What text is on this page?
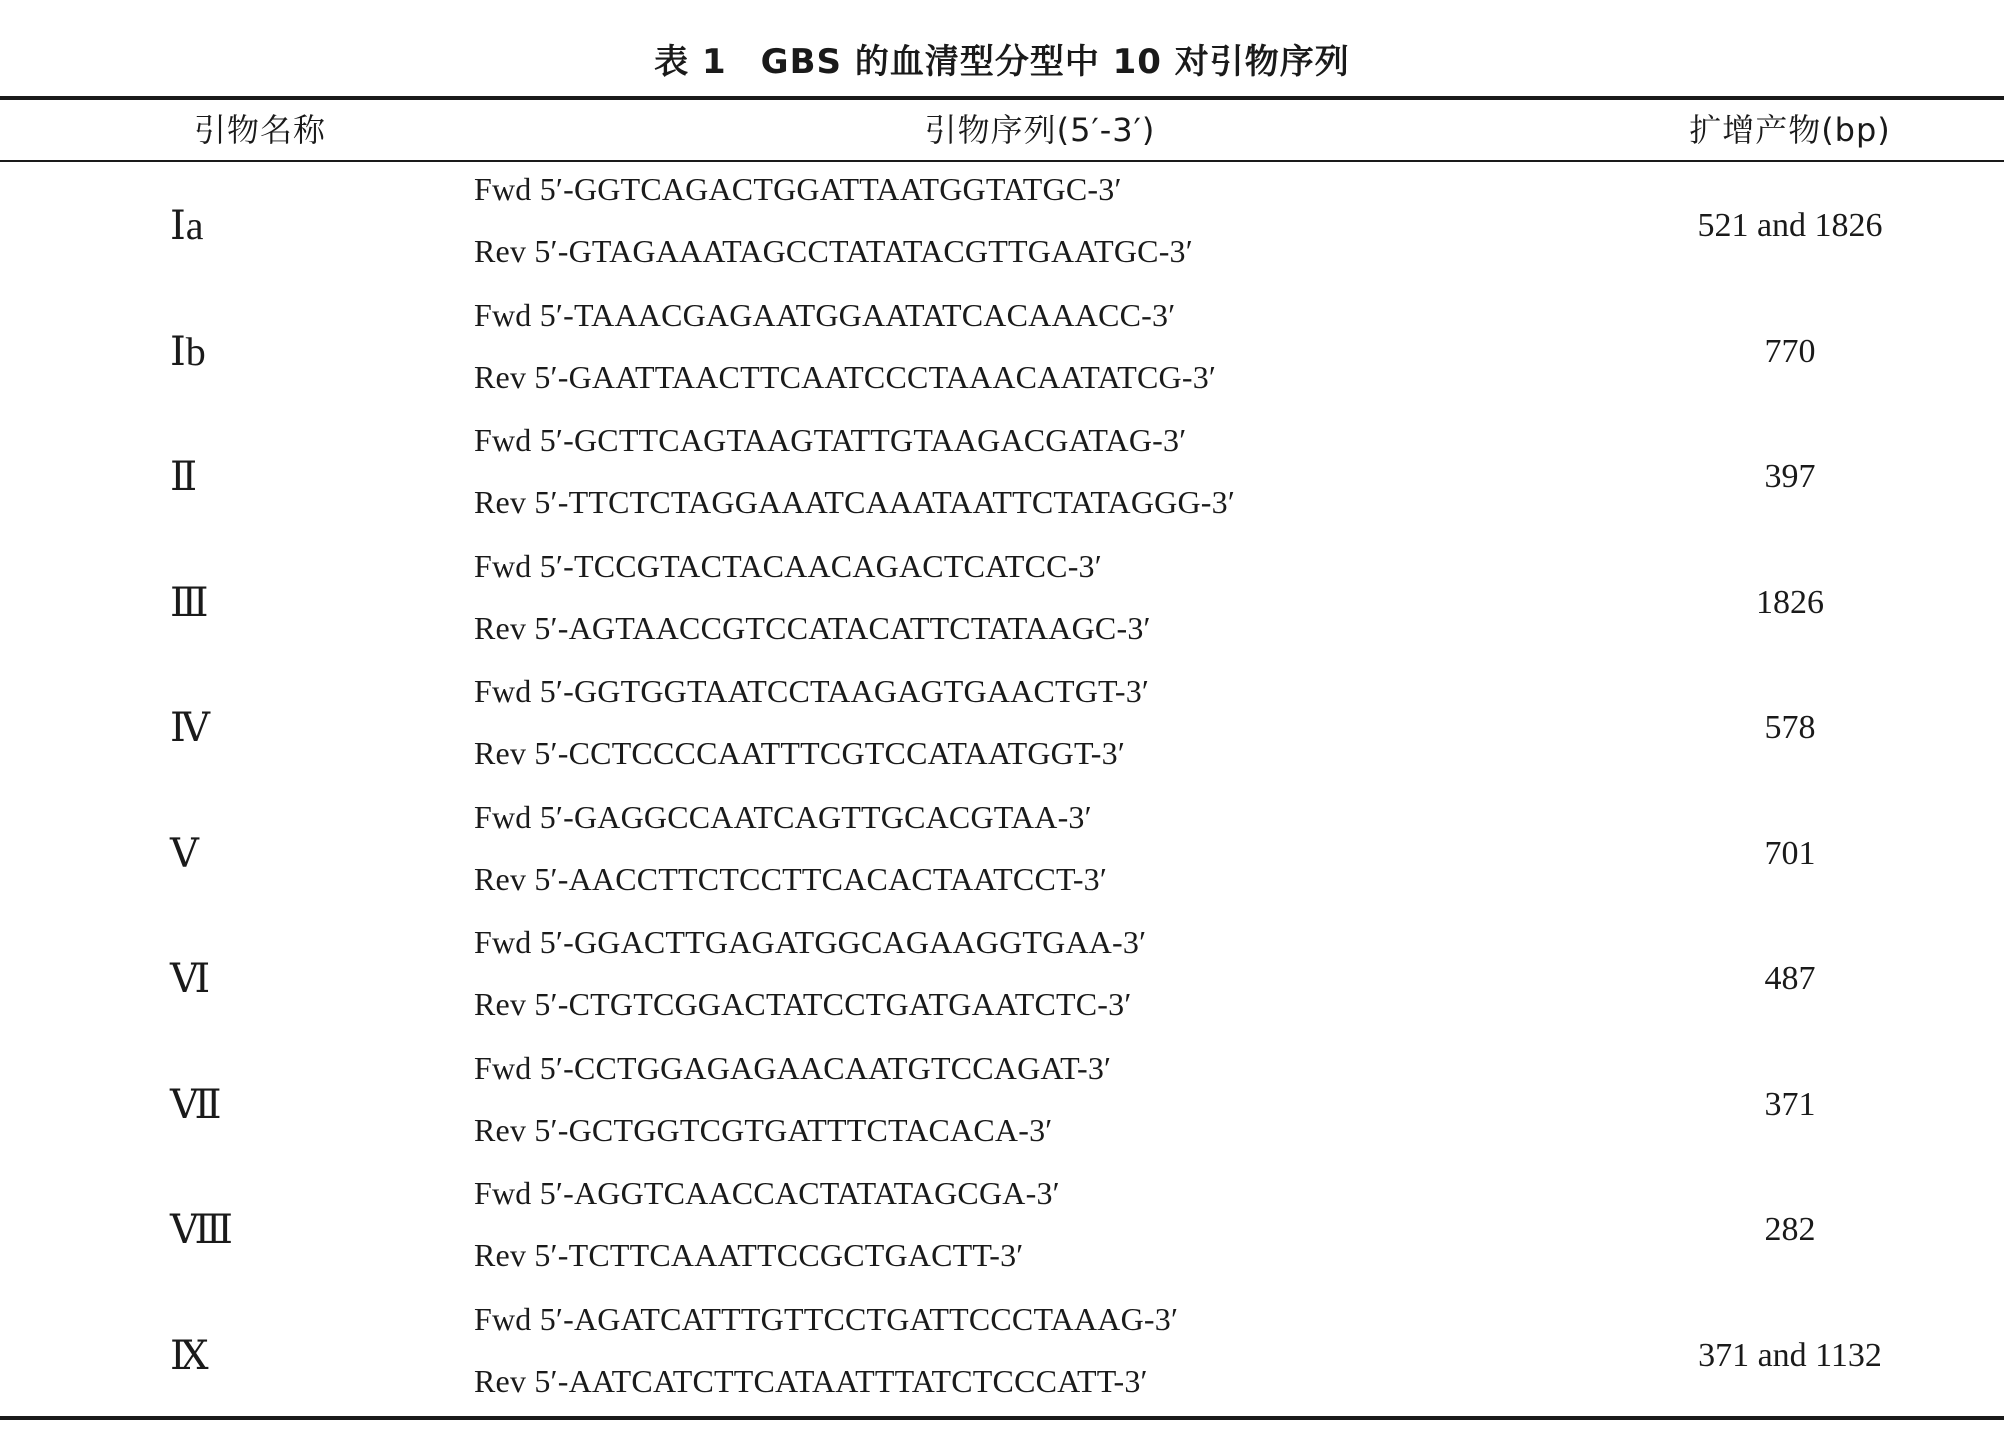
表 1 GBS 的血清型分型中 10 对引物序列
引物名称	引物序列(5′-3′)	扩增产物(bp)
Ⅰa
Fwd 5′-GGTCAGACTGGATTAATGGTATGC-3′
Rev 5′-GTAGAAATAGCCTATATACGTTGAATGC-3′
521 and 1826
Ⅰb
Fwd 5′-TAAACGAGAATGGAATATCACAAACC-3′
Rev 5′-GAATTAACTTCAATCCCTAAACAATATCG-3′
770
Ⅱ
Fwd 5′-GCTTCAGTAAGTATTGTAAGACGATAG-3′
Rev 5′-TTCTCTAGGAAATCAAATAATTCTATAGGG-3′
397
Ⅲ
Fwd 5′-TCCGTACTACAACAGACTCATCC-3′
Rev 5′-AGTAACCGTCCATACATTCTATAAGC-3′
1826
Ⅳ
Fwd 5′-GGTGGTAATCCTAAGAGTGAACTGT-3′
Rev 5′-CCTCCCCAATTTCGTCCATAATGGT-3′
578
Ⅴ
Fwd 5′-GAGGCCAATCAGTTGCACGTAA-3′
Rev 5′-AACCTTCTCCTTCACACTAATCCT-3′
701
Ⅵ
Fwd 5′-GGACTTGAGATGGCAGAAGGTGAA-3′
Rev 5′-CTGTCGGACTATCCTGATGAATCTC-3′
487
Ⅶ
Fwd 5′-CCTGGAGAGAACAATGTCCAGAT-3′
Rev 5′-GCTGGTCGTGATTTCTACACA-3′
371
Ⅷ
Fwd 5′-AGGTCAACCACTATATAGCGA-3′
Rev 5′-TCTTCAAATTCCGCTGACTT-3′
282
Ⅸ
Fwd 5′-AGATCATTTGTTCCTGATTCCCTAAAG-3′
Rev 5′-AATCATCTTCATAATTTATCTCCCATT-3′
371 and 1132
